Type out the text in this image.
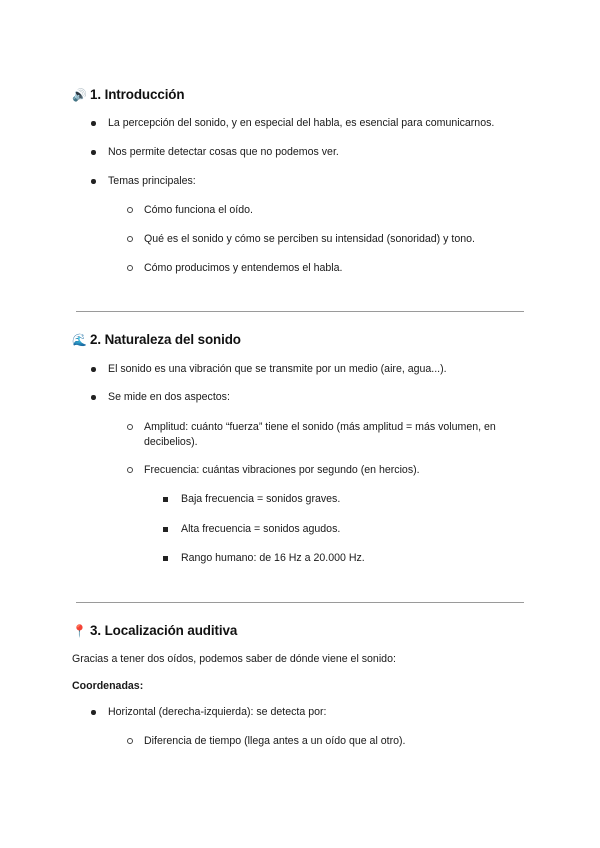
🔊 1. Introducción
La percepción del sonido, y en especial del habla, es esencial para comunicarnos.
Nos permite detectar cosas que no podemos ver.
Temas principales:
Cómo funciona el oído.
Qué es el sonido y cómo se perciben su intensidad (sonoridad) y tono.
Cómo producimos y entendemos el habla.
🌊 2. Naturaleza del sonido
El sonido es una vibración que se transmite por un medio (aire, agua...).
Se mide en dos aspectos:
Amplitud: cuánto “fuerza” tiene el sonido (más amplitud = más volumen, en decibelios).
Frecuencia: cuántas vibraciones por segundo (en hercios).
Baja frecuencia = sonidos graves.
Alta frecuencia = sonidos agudos.
Rango humano: de 16 Hz a 20.000 Hz.
📍 3. Localización auditiva
Gracias a tener dos oídos, podemos saber de dónde viene el sonido:
Coordenadas:
Horizontal (derecha-izquierda): se detecta por:
Diferencia de tiempo (llega antes a un oído que al otro).
